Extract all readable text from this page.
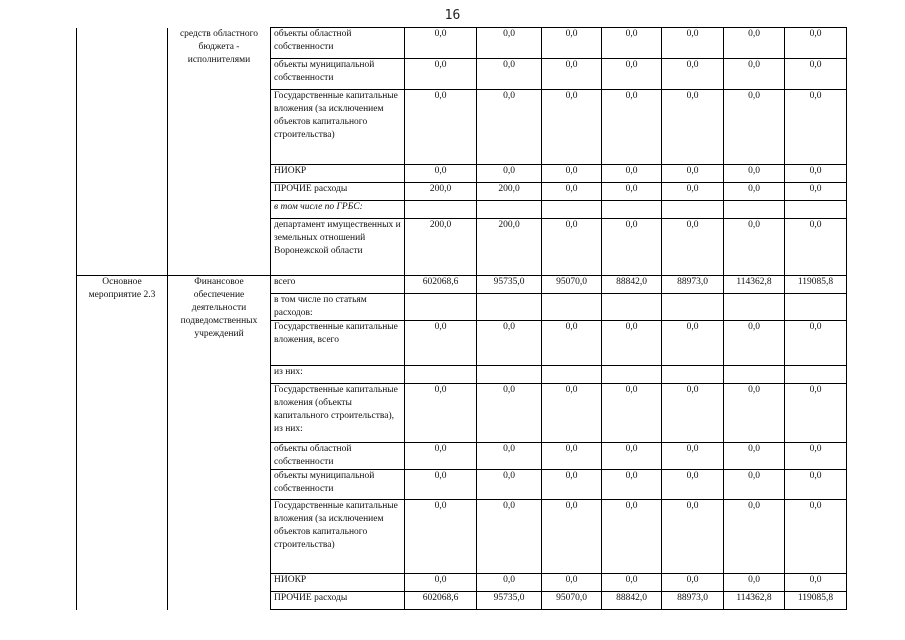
16
	средств областного бюджета - исполнителями	объекты областной собственности	0,0	0,0	0,0	0,0	0,0	0,0	0,0
		объекты муниципальной собственности	0,0	0,0	0,0	0,0	0,0	0,0	0,0
		Государственные капитальные вложения (за исключением объектов капитального строительства)	0,0	0,0	0,0	0,0	0,0	0,0	0,0
		НИОКР	0,0	0,0	0,0	0,0	0,0	0,0	0,0
		ПРОЧИЕ расходы	200,0	200,0	0,0	0,0	0,0	0,0	0,0
		в том числе по ГРБС:							
		департамент имущественных и земельных отношений Воронежской области	200,0	200,0	0,0	0,0	0,0	0,0	0,0
Основное мероприятие 2.3	Финансовое обеспечение деятельности подведомственных учреждений	всего	602068,6	95735,0	95070,0	88842,0	88973,0	114362,8	119085,8
		в том числе по статьям расходов:							
		Государственные капитальные вложения, всего	0,0	0,0	0,0	0,0	0,0	0,0	0,0
		из них:							
		Государственные капитальные вложения (объекты капитального строительства), из них:	0,0	0,0	0,0	0,0	0,0	0,0	0,0
		объекты областной собственности	0,0	0,0	0,0	0,0	0,0	0,0	0,0
		объекты муниципальной собственности	0,0	0,0	0,0	0,0	0,0	0,0	0,0
		Государственные капитальные вложения (за исключением объектов капитального строительства)	0,0	0,0	0,0	0,0	0,0	0,0	0,0
		НИОКР	0,0	0,0	0,0	0,0	0,0	0,0	0,0
		ПРОЧИЕ расходы	602068,6	95735,0	95070,0	88842,0	88973,0	114362,8	119085,8
